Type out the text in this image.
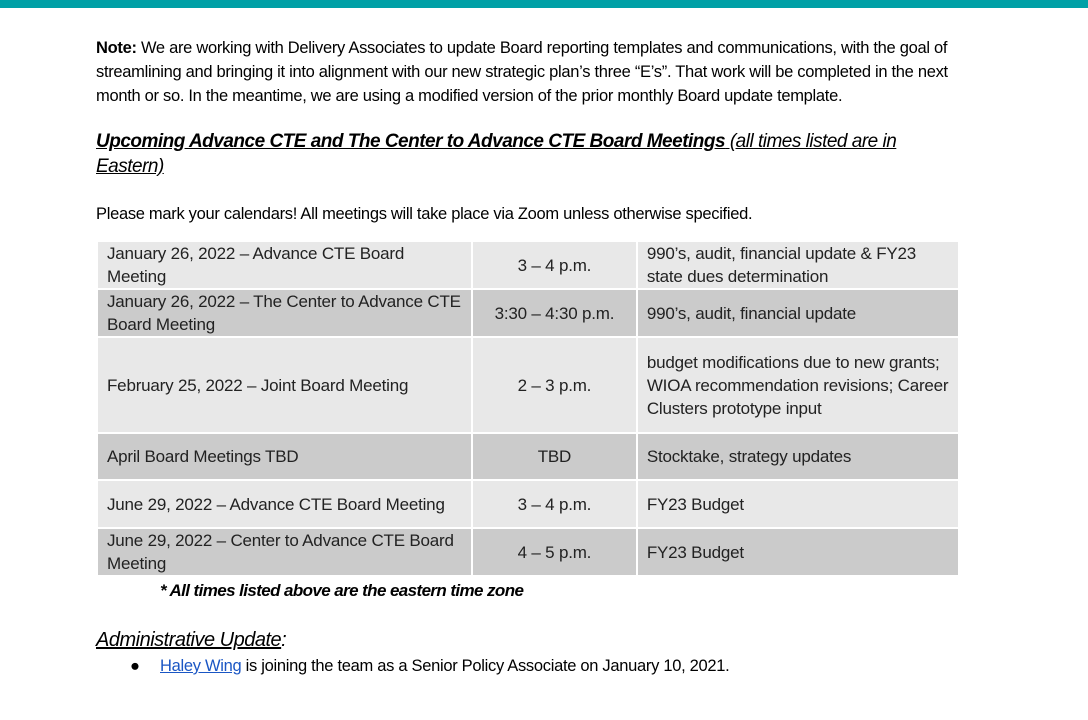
Note: We are working with Delivery Associates to update Board reporting templates and communications, with the goal of streamlining and bringing it into alignment with our new strategic plan’s three “E’s”. That work will be completed in the next month or so. In the meantime, we are using a modified version of the prior monthly Board update template.

Upcoming Advance CTE and The Center to Advance CTE Board Meetings (all times listed are in Eastern)

Please mark your calendars! All meetings will take place via Zoom unless otherwise specified.

January 26, 2022 – Advance CTE Board Meeting	3 – 4 p.m.	990’s, audit, financial update & FY23 state dues determination
January 26, 2022 – The Center to Advance CTE Board Meeting	3:30 – 4:30 p.m.	990’s, audit, financial update
February 25, 2022 – Joint Board Meeting	2 – 3 p.m.	budget modifications due to new grants; WIOA recommendation revisions; Career Clusters prototype input
April Board Meetings TBD	TBD	Stocktake, strategy updates
June 29, 2022 – Advance CTE Board Meeting	3 – 4 p.m.	FY23 Budget
June 29, 2022 – Center to Advance CTE Board Meeting	4 – 5 p.m.	FY23 Budget

* All times listed above are the eastern time zone

Administrative Update:

● Haley Wing is joining the team as a Senior Policy Associate on January 10, 2021.
